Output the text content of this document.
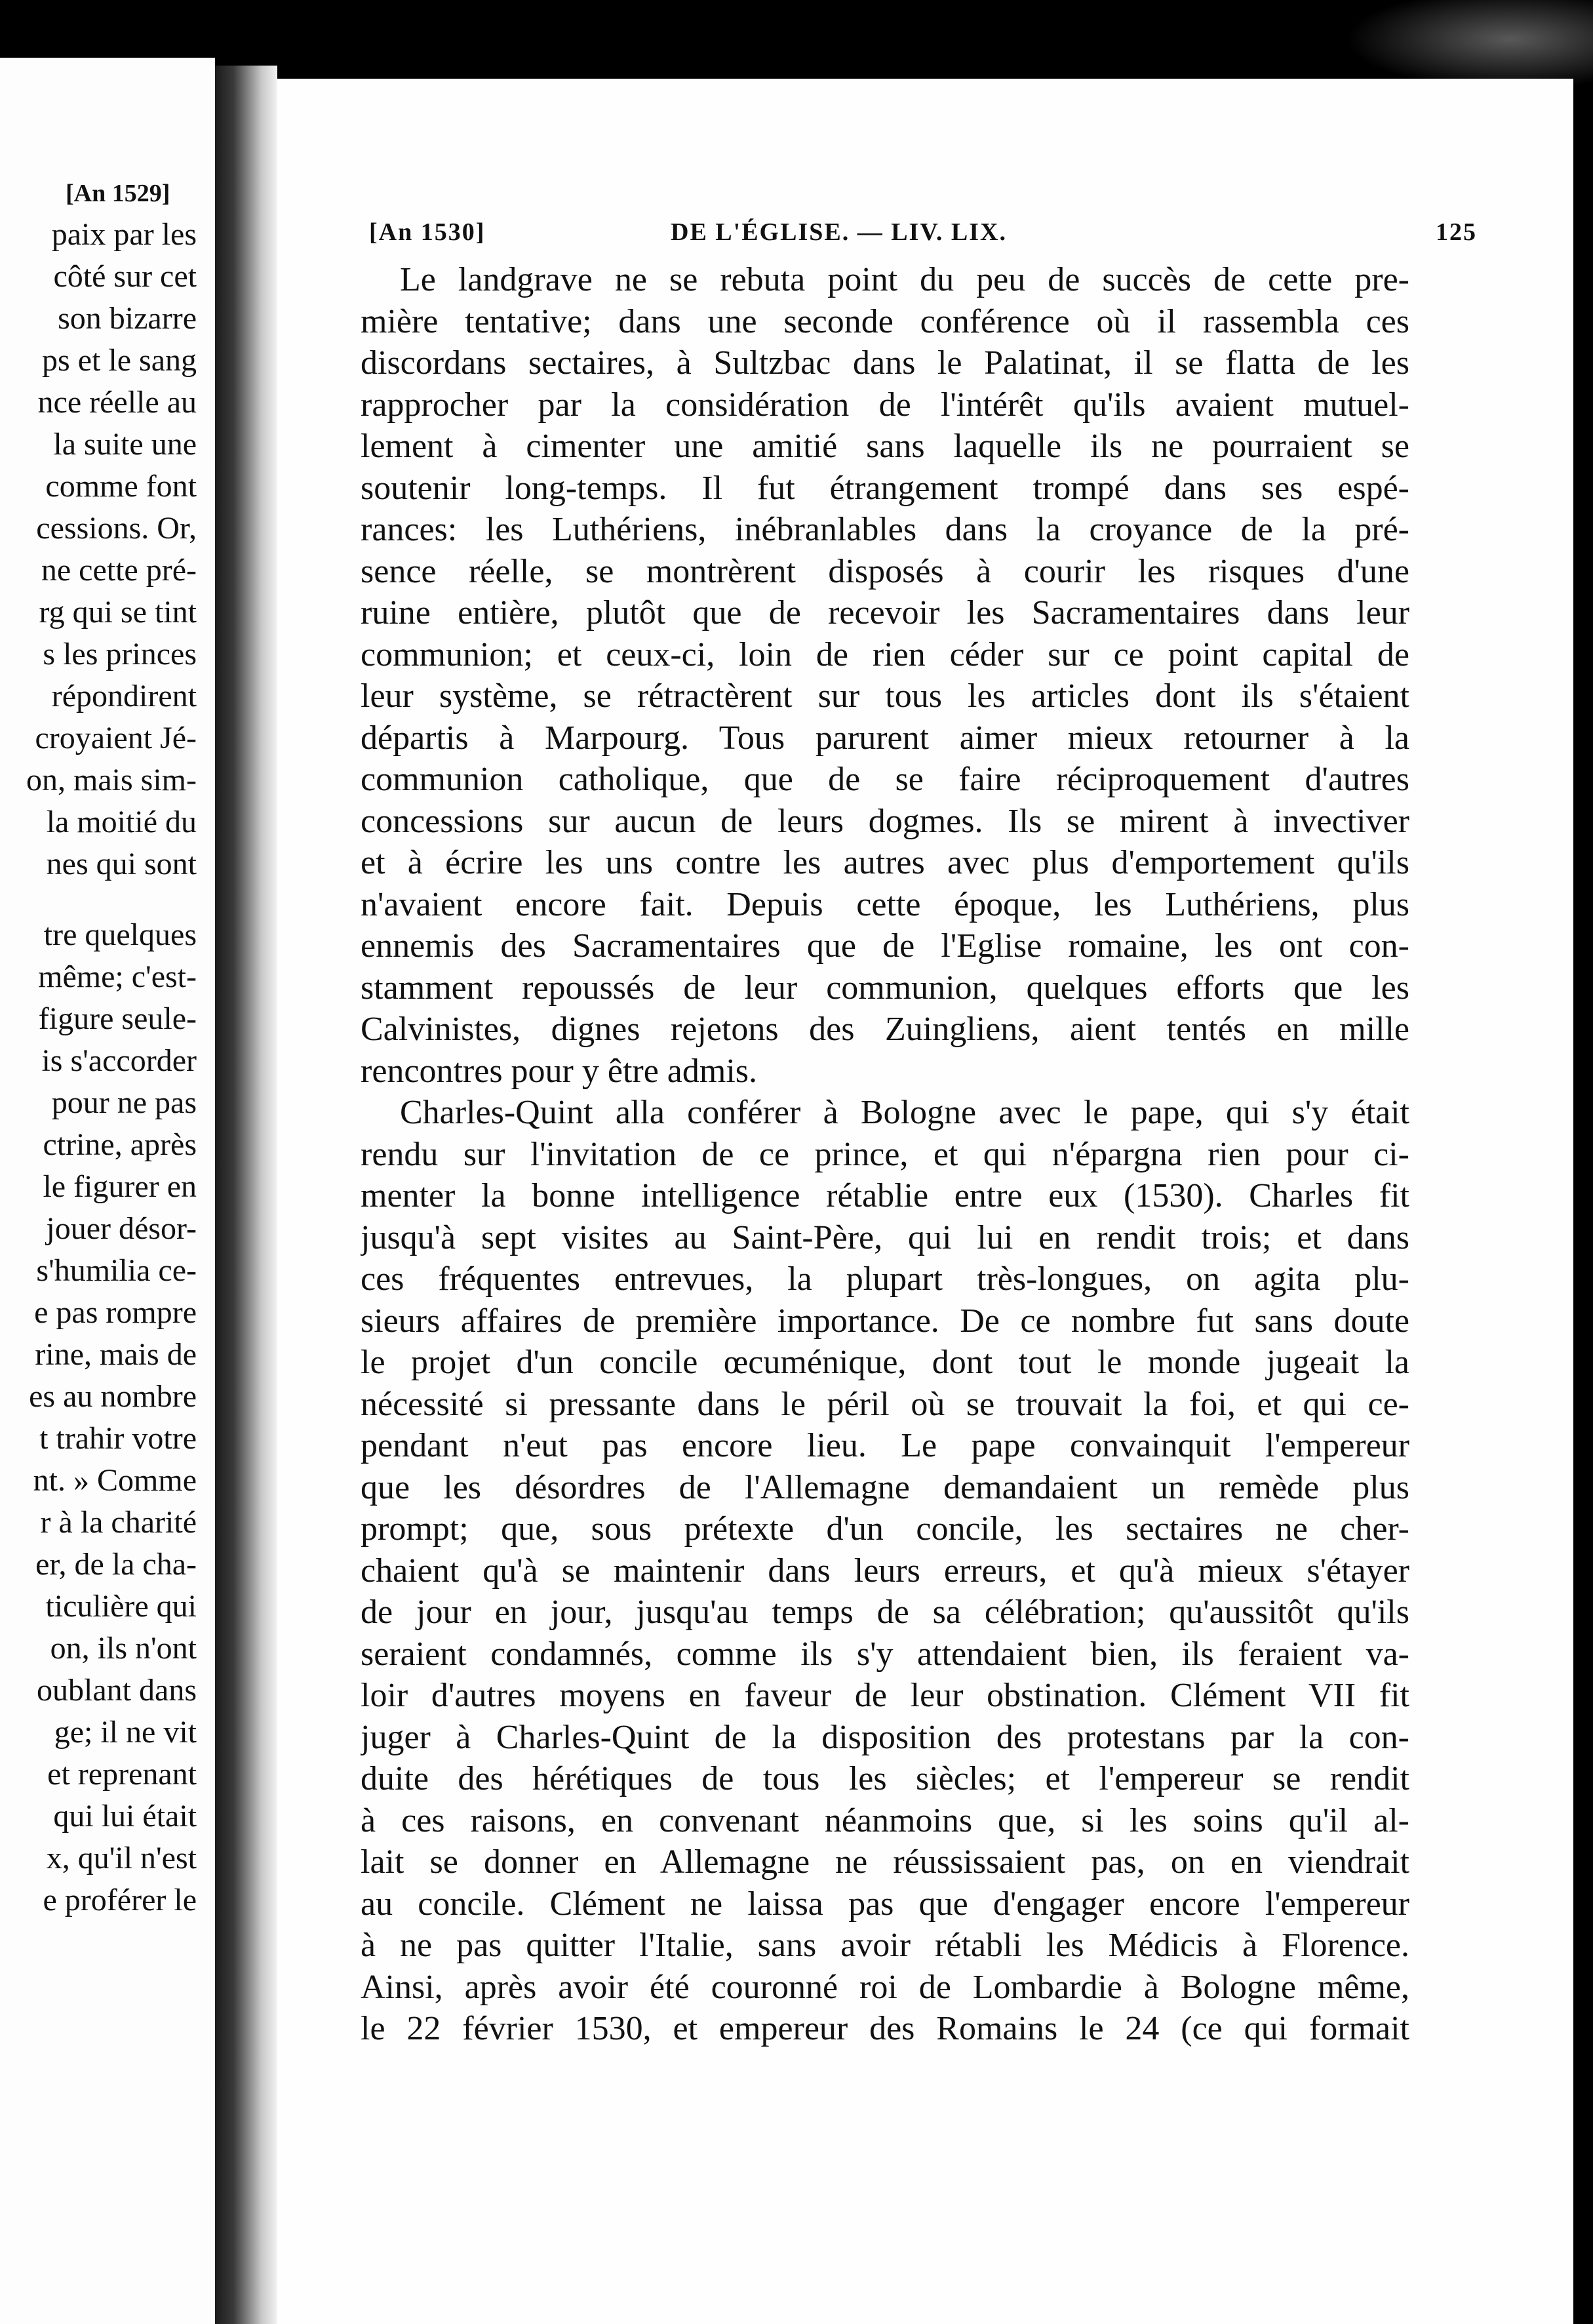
[An 1529]
paix par les
côté sur cet
son bizarre
ps et le sang
nce réelle au
la suite une
comme font
cessions. Or,
ne cette pré-
rg qui se tint
s les princes
répondirent
croyaient Jé-
on, mais sim-
la moitié du
nes qui sont
tre quelques
même; c'est-
figure seule-
is s'accorder
pour ne pas
ctrine, après
le figurer en
jouer désor-
s'humilia ce-
e pas rompre
rine, mais de
es au nombre
t trahir votre
nt. » Comme
r à la charité
er, de la cha-
ticulière qui
on, ils n'ont
oublant dans
ge; il ne vit
et reprenant
qui lui était
x, qu'il n'est
e proférer le
[An 1530]	DE L'ÉGLISE. — LIV. LIX.	125
Le landgrave ne se rebuta point du peu de succès de cette pre-
mière tentative; dans une seconde conférence où il rassembla ces
discordans sectaires, à Sultzbac dans le Palatinat, il se flatta de les
rapprocher par la considération de l'intérêt qu'ils avaient mutuel-
lement à cimenter une amitié sans laquelle ils ne pourraient se
soutenir long-temps. Il fut étrangement trompé dans ses espé-
rances: les Luthériens, inébranlables dans la croyance de la pré-
sence réelle, se montrèrent disposés à courir les risques d'une
ruine entière, plutôt que de recevoir les Sacramentaires dans leur
communion; et ceux-ci, loin de rien céder sur ce point capital de
leur système, se rétractèrent sur tous les articles dont ils s'étaient
départis à Marpourg. Tous parurent aimer mieux retourner à la
communion catholique, que de se faire réciproquement d'autres
concessions sur aucun de leurs dogmes. Ils se mirent à invectiver
et à écrire les uns contre les autres avec plus d'emportement qu'ils
n'avaient encore fait. Depuis cette époque, les Luthériens, plus
ennemis des Sacramentaires que de l'Eglise romaine, les ont con-
stamment repoussés de leur communion, quelques efforts que les
Calvinistes, dignes rejetons des Zuingliens, aient tentés en mille
rencontres pour y être admis.
Charles-Quint alla conférer à Bologne avec le pape, qui s'y était
rendu sur l'invitation de ce prince, et qui n'épargna rien pour ci-
menter la bonne intelligence rétablie entre eux (1530). Charles fit
jusqu'à sept visites au Saint-Père, qui lui en rendit trois; et dans
ces fréquentes entrevues, la plupart très-longues, on agita plu-
sieurs affaires de première importance. De ce nombre fut sans doute
le projet d'un concile œcuménique, dont tout le monde jugeait la
nécessité si pressante dans le péril où se trouvait la foi, et qui ce-
pendant n'eut pas encore lieu. Le pape convainquit l'empereur
que les désordres de l'Allemagne demandaient un remède plus
prompt; que, sous prétexte d'un concile, les sectaires ne cher-
chaient qu'à se maintenir dans leurs erreurs, et qu'à mieux s'étayer
de jour en jour, jusqu'au temps de sa célébration; qu'aussitôt qu'ils
seraient condamnés, comme ils s'y attendaient bien, ils feraient va-
loir d'autres moyens en faveur de leur obstination. Clément VII fit
juger à Charles-Quint de la disposition des protestans par la con-
duite des hérétiques de tous les siècles; et l'empereur se rendit
à ces raisons, en convenant néanmoins que, si les soins qu'il al-
lait se donner en Allemagne ne réussissaient pas, on en viendrait
au concile. Clément ne laissa pas que d'engager encore l'empereur
à ne pas quitter l'Italie, sans avoir rétabli les Médicis à Florence.
Ainsi, après avoir été couronné roi de Lombardie à Bologne même,
le 22 février 1530, et empereur des Romains le 24 (ce qui formait
